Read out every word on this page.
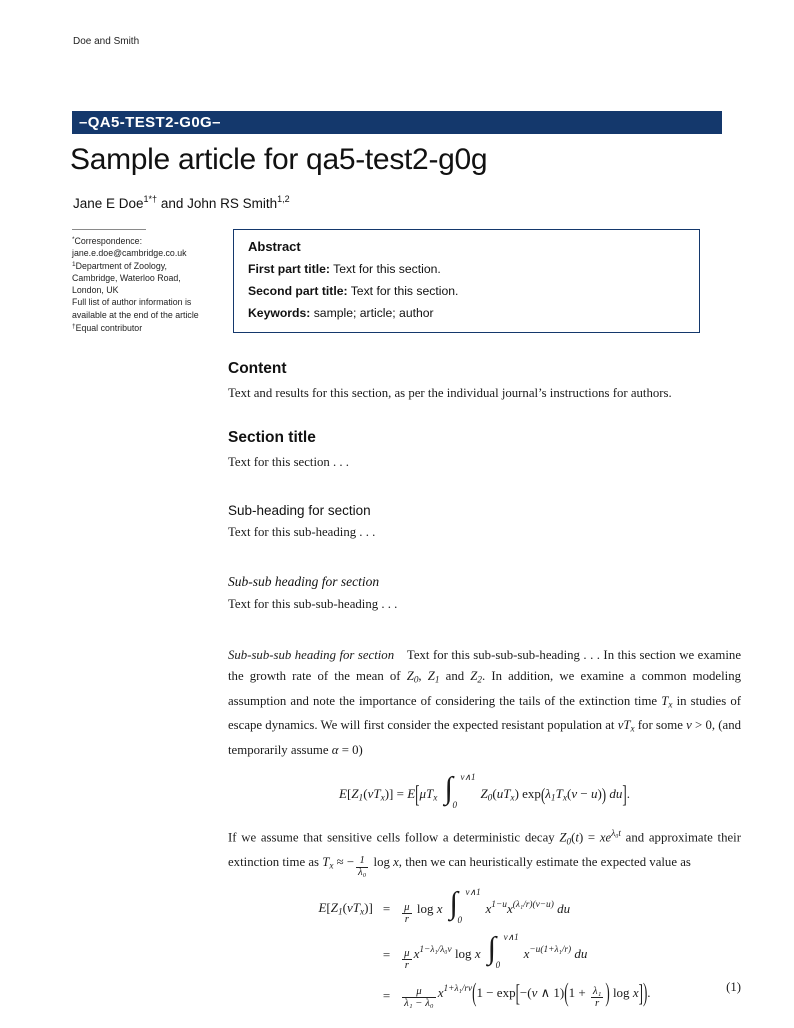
Doe and Smith
–QA5-TEST2-G0G–
Sample article for qa5-test2-g0g
Jane E Doe$^{1*\dagger}$ and John RS Smith$^{1,2}$
*Correspondence:
jane.e.doe@cambridge.co.uk
$^1$Department of Zoology,
Cambridge, Waterloo Road,
London, UK
Full list of author information is
available at the end of the article
†Equal contributor
Abstract
First part title: Text for this section.
Second part title: Text for this section.
Keywords: sample; article; author
Content

Text and results for this section, as per the individual journal’s instructions for authors.

Section title

Text for this section . . .

Sub-heading for section

Text for this sub-heading . . .

Sub-sub heading for section

Text for this sub-sub-heading . . .

Sub-sub-sub heading for section Text for this sub-sub-sub-heading . . . In this section we examine the growth rate of the mean of $Z_0$, $Z_1$ and $Z_2$. In addition, we examine a common modeling assumption and note the importance of considering the tails of the extinction time $T_x$ in studies of escape dynamics. We will first consider the expected resistant population at $vT_x$ for some v > 0, (and temporarily assume α = 0)

$E[Z_1(vT_x)] = E[\mu T_x$ ∫ v∧1
0
$Z_0(uT_x) \exp(\lambda_1T_x(v - u))$ du].

If we assume that sensitive cells follow a deterministic decay $Z_0(t) = xe^{\lambda_0t}$ and approximate their extinction time as $T_x$ ≈ − $\frac{1}{\text{λ₀}}$ log x, then we can heuristically estimate the expected value as

$E[Z_1(vT_x)]$ =	$\frac{\mu}{r}$ log x ∫ v∧1
0
$x^{1-u}x^{(\lambda_1/r)(v-u)}$ du
=	$\frac{\mu}{r} x^{1-\lambda_1/\lambda_0v}$ log x ∫ v∧1
0
$x^{-u(1+\lambda_1/r)}$ du
=	$\frac{\mu}{\text{λ₁ − λ₀}} x^{1+\lambda_1/rv}(1 - \exp[-(v$ ∧ $1)(1 + \frac{\text{λ₁}}{r}$ ) log x]).	(1)
